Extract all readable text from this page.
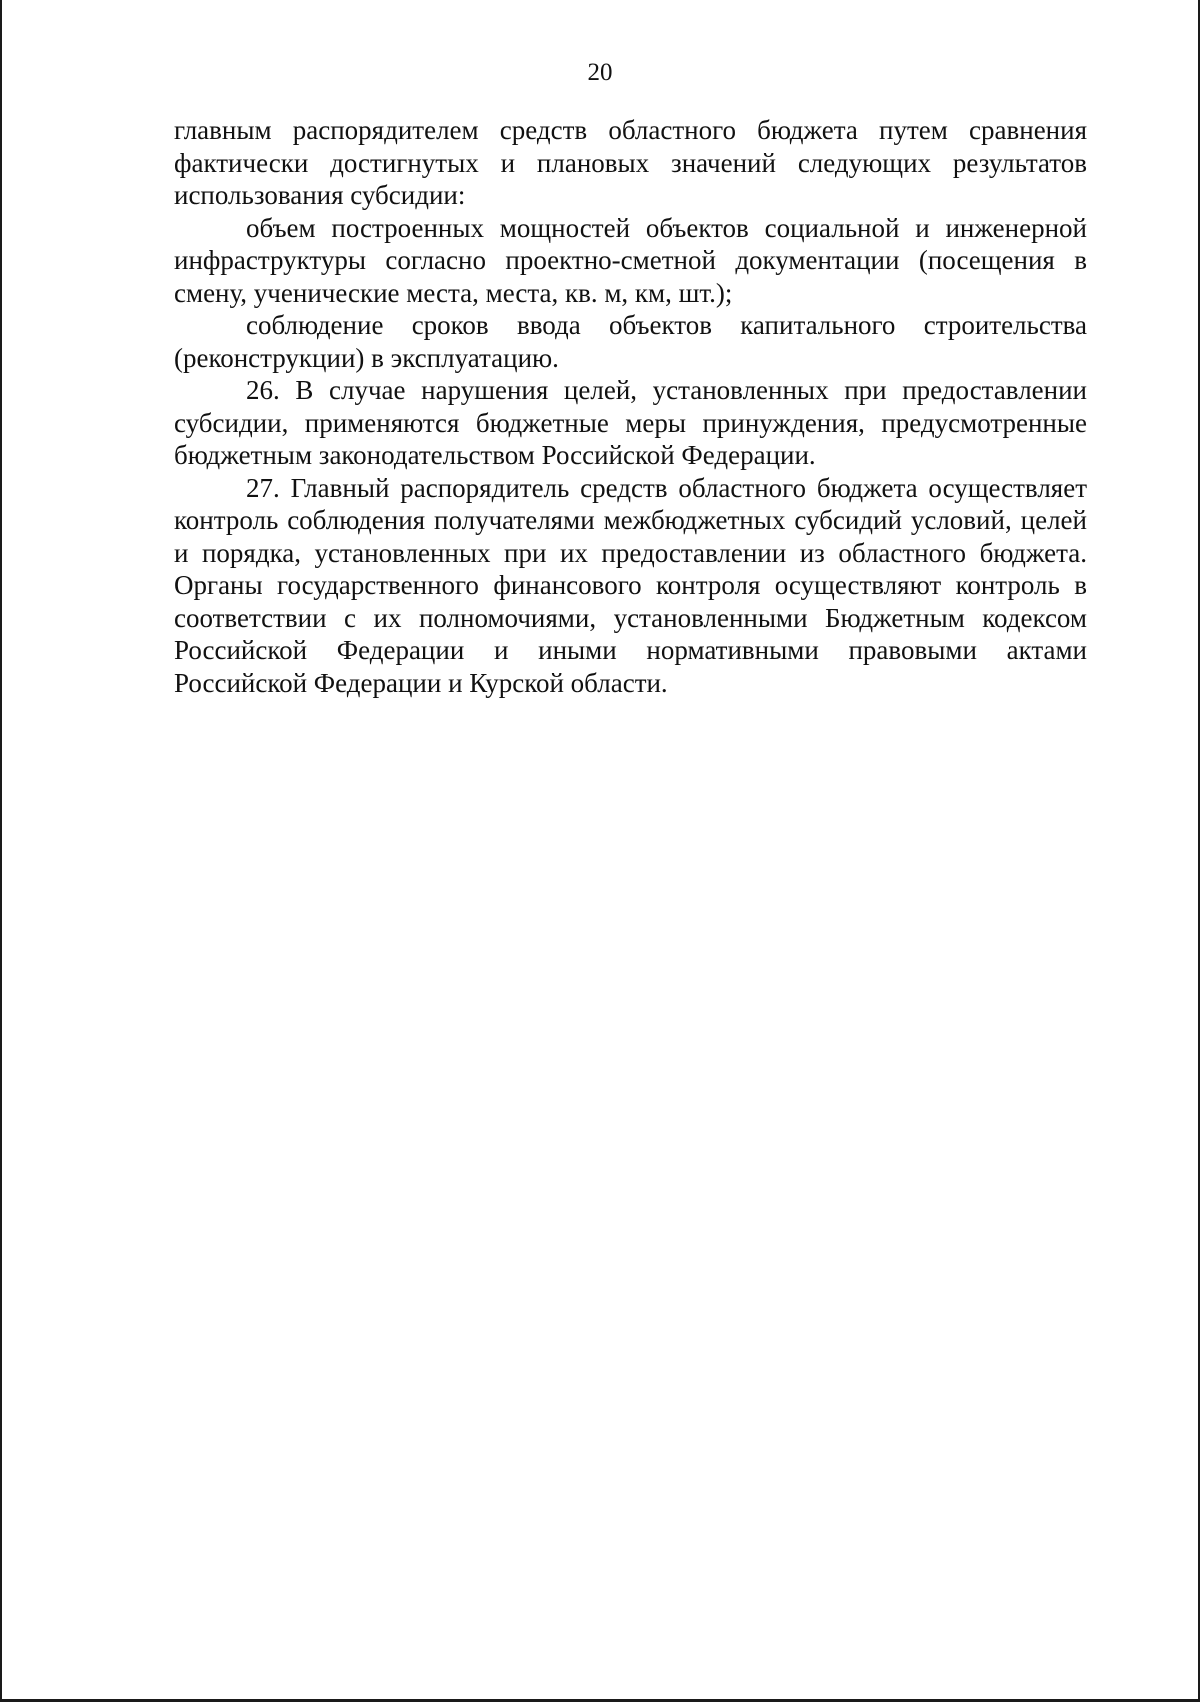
20

главным распорядителем средств областного бюджета путем сравнения фактически достигнутых и плановых значений следующих результатов использования субсидии:

объем построенных мощностей объектов социальной и инженерной инфраструктуры согласно проектно-сметной документации (посещения в смену, ученические места, места, кв. м, км, шт.);

соблюдение сроков ввода объектов капитального строительства (реконструкции) в эксплуатацию.

26. В случае нарушения целей, установленных при предоставлении субсидии, применяются бюджетные меры принуждения, предусмотренные бюджетным законодательством Российской Федерации.

27. Главный распорядитель средств областного бюджета осуществляет контроль соблюдения получателями межбюджетных субсидий условий, целей и порядка, установленных при их предоставлении из областного бюджета. Органы государственного финансового контроля осуществляют контроль в соответствии с их полномочиями, установленными Бюджетным кодексом Российской Федерации и иными нормативными правовыми актами Российской Федерации и Курской области.
